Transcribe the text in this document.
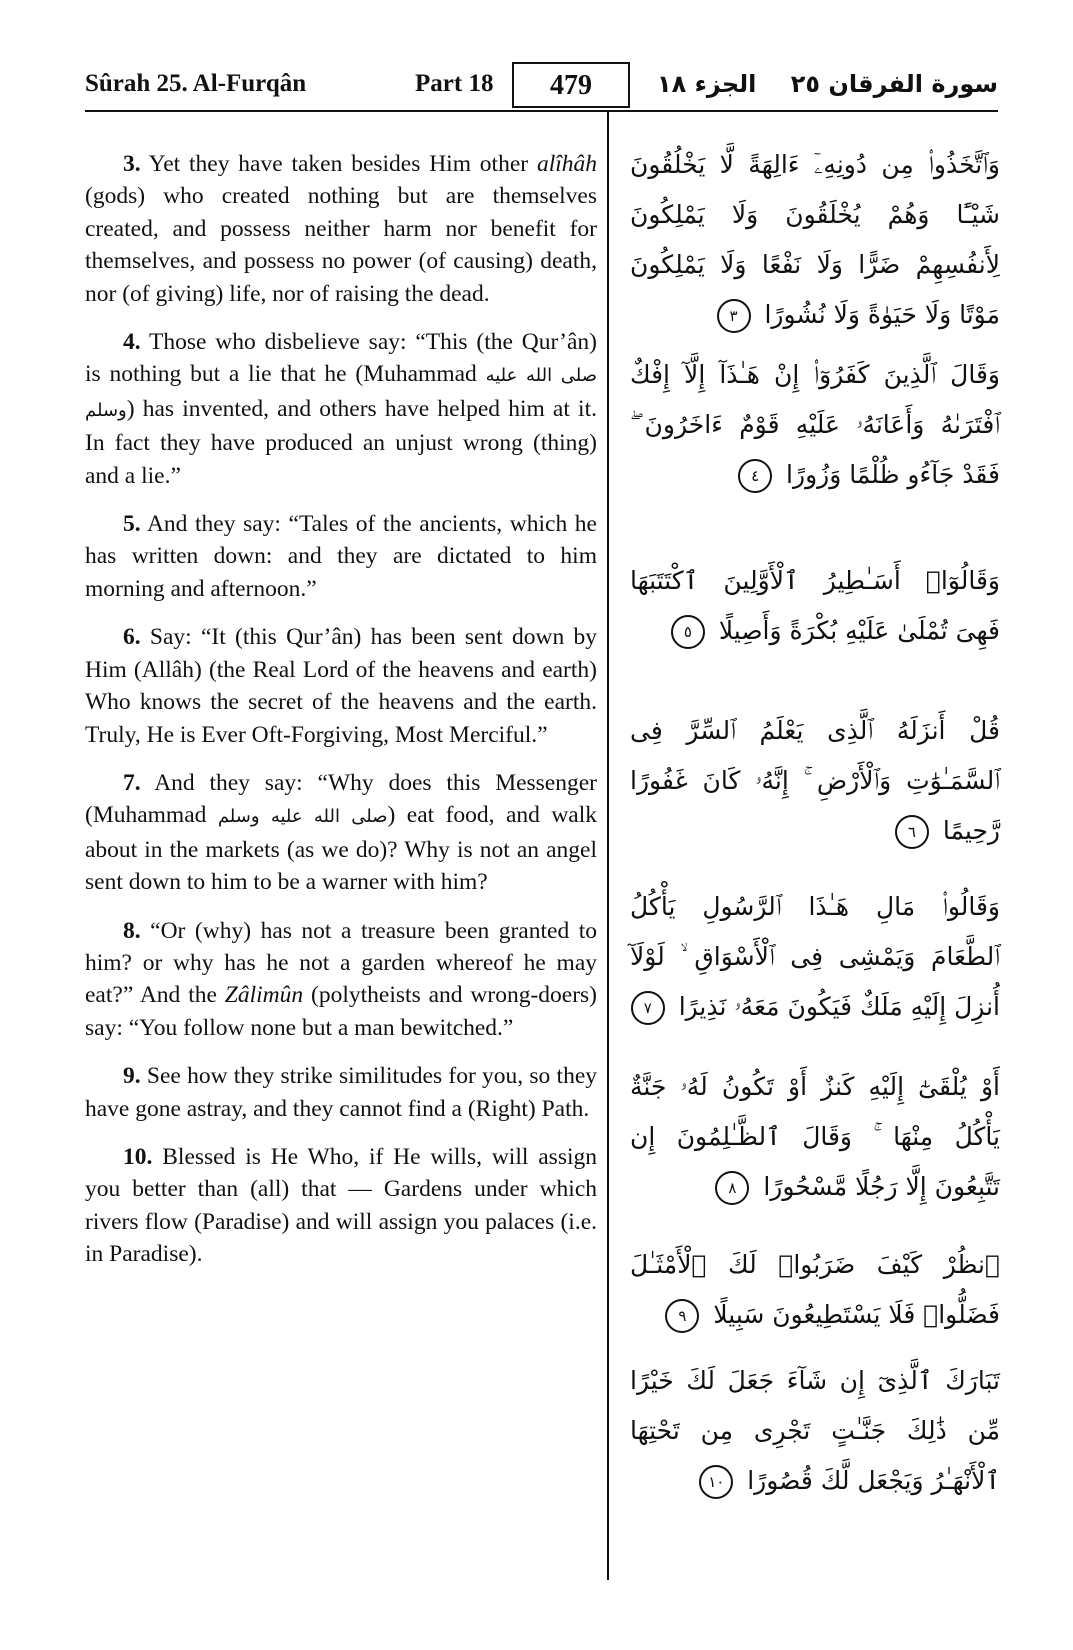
Sûrah 25. Al-Furqân	Part 18	479	الجزء ١٨ سورة الفرقان ٢٥

3. Yet they have taken besides Him other alîhâh (gods) who created nothing but are themselves created, and possess neither harm nor benefit for themselves, and possess no power (of causing) death, nor (of giving) life, nor of raising the dead.

4. Those who disbelieve say: “This (the Qur’ân) is nothing but a lie that he (Muhammad صلى الله عليه وسلم) has invented, and others have helped him at it. In fact they have produced an unjust wrong (thing) and a lie.”

5. And they say: “Tales of the ancients, which he has written down: and they are dictated to him morning and afternoon.”

6. Say: “It (this Qur’ân) has been sent down by Him (Allâh) (the Real Lord of the heavens and earth) Who knows the secret of the heavens and the earth. Truly, He is Ever Oft-Forgiving, Most Merciful.”

7. And they say: “Why does this Messenger (Muhammad صلى الله عليه وسلم) eat food, and walk about in the markets (as we do)? Why is not an angel sent down to him to be a warner with him?

8. “Or (why) has not a treasure been granted to him? or why has he not a garden whereof he may eat?” And the Zâlimûn (polytheists and wrong-doers) say: “You follow none but a man bewitched.”

9. See how they strike similitudes for you, so they have gone astray, and they cannot find a (Right) Path.

10. Blessed is He Who, if He wills, will assign you better than (all) that — Gardens under which rivers flow (Paradise) and will assign you palaces (i.e. in Paradise).

وَٱتَّخَذُوا۟ مِن دُونِهِۦٓ ءَالِهَةً لَّا يَخْلُقُونَ شَيْـًٔا وَهُمْ يُخْلَقُونَ وَلَا يَمْلِكُونَ لِأَنفُسِهِمْ ضَرًّا وَلَا نَفْعًا وَلَا يَمْلِكُونَ مَوْتًا وَلَا حَيَوٰةً وَلَا نُشُورًا ٣
وَقَالَ ٱلَّذِينَ كَفَرُوٓا۟ إِنْ هَـٰذَآ إِلَّآ إِفْكٌ ٱفْتَرَىٰهُ وَأَعَانَهُۥ عَلَيْهِ قَوْمٌ ءَاخَرُونَ ۖ فَقَدْ جَآءُو ظُلْمًا وَزُورًا ٤
وَقَالُوٓا۟ أَسَـٰطِيرُ ٱلْأَوَّلِينَ ٱكْتَتَبَهَا فَهِىَ تُمْلَىٰ عَلَيْهِ بُكْرَةً وَأَصِيلًا ٥
قُلْ أَنزَلَهُ ٱلَّذِى يَعْلَمُ ٱلسِّرَّ فِى ٱلسَّمَـٰوَٰتِ وَٱلْأَرْضِ ۚ إِنَّهُۥ كَانَ غَفُورًا رَّحِيمًا ٦
وَقَالُوا۟ مَالِ هَـٰذَا ٱلرَّسُولِ يَأْكُلُ ٱلطَّعَامَ وَيَمْشِى فِى ٱلْأَسْوَاقِ ۙ لَوْلَآ أُنزِلَ إِلَيْهِ مَلَكٌ فَيَكُونَ مَعَهُۥ نَذِيرًا ٧
أَوْ يُلْقَىٰٓ إِلَيْهِ كَنزٌ أَوْ تَكُونُ لَهُۥ جَنَّةٌ يَأْكُلُ مِنْهَا ۚ وَقَالَ ٱلظَّـٰلِمُونَ إِن تَتَّبِعُونَ إِلَّا رَجُلًا مَّسْحُورًا ٨
ٱنظُرْ كَيْفَ ضَرَبُوا۟ لَكَ ٱلْأَمْثَـٰلَ فَضَلُّوا۟ فَلَا يَسْتَطِيعُونَ سَبِيلًا ٩
تَبَارَكَ ٱلَّذِىٓ إِن شَآءَ جَعَلَ لَكَ خَيْرًا مِّن ذَٰلِكَ جَنَّـٰتٍ تَجْرِى مِن تَحْتِهَا ٱلْأَنْهَـٰرُ وَيَجْعَل لَّكَ قُصُورًا ١٠
